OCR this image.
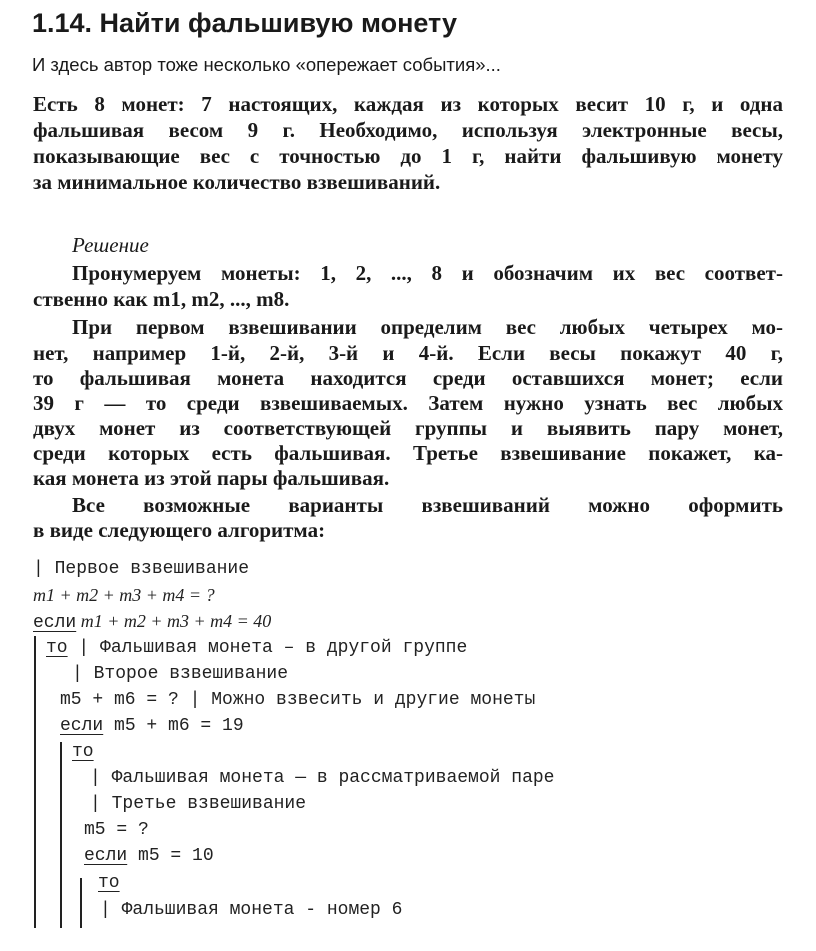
1.14. Найти фальшивую монету
И здесь автор тоже несколько «опережает события»...
Есть 8 монет: 7 настоящих, каждая из которых весит 10 г, и одна
фальшивая весом 9 г. Необходимо, используя электронные весы,
показывающие вес с точностью до 1 г, найти фальшивую монету
за минимальное количество взвешиваний.
Решение
Пронумеруем монеты: 1, 2, ..., 8 и обозначим их вес соответ-
ственно как m1, m2, ..., m8.
При первом взвешивании определим вес любых четырех мо-
нет, например 1-й, 2-й, 3-й и 4-й. Если весы покажут 40 г,
то фальшивая монета находится среди оставшихся монет; если
39 г — то среди взвешиваемых. Затем нужно узнать вес любых
двух монет из соответствующей группы и выявить пару монет,
среди которых есть фальшивая. Третье взвешивание покажет, ка-
кая монета из этой пары фальшивая.
Все возможные варианты взвешиваний можно оформить
в виде следующего алгоритма:
| Первое взвешивание
m1 + m2 + m3 + m4 = ?
если m1 + m2 + m3 + m4 = 40
то | Фальшивая монета – в другой группе
| Второе взвешивание
m5 + m6 = ? | Можно взвесить и другие монеты
если m5 + m6 = 19
то
| Фальшивая монета — в рассматриваемой паре
| Третье взвешивание
m5 = ?
если m5 = 10
то
| Фальшивая монета - номер 6
